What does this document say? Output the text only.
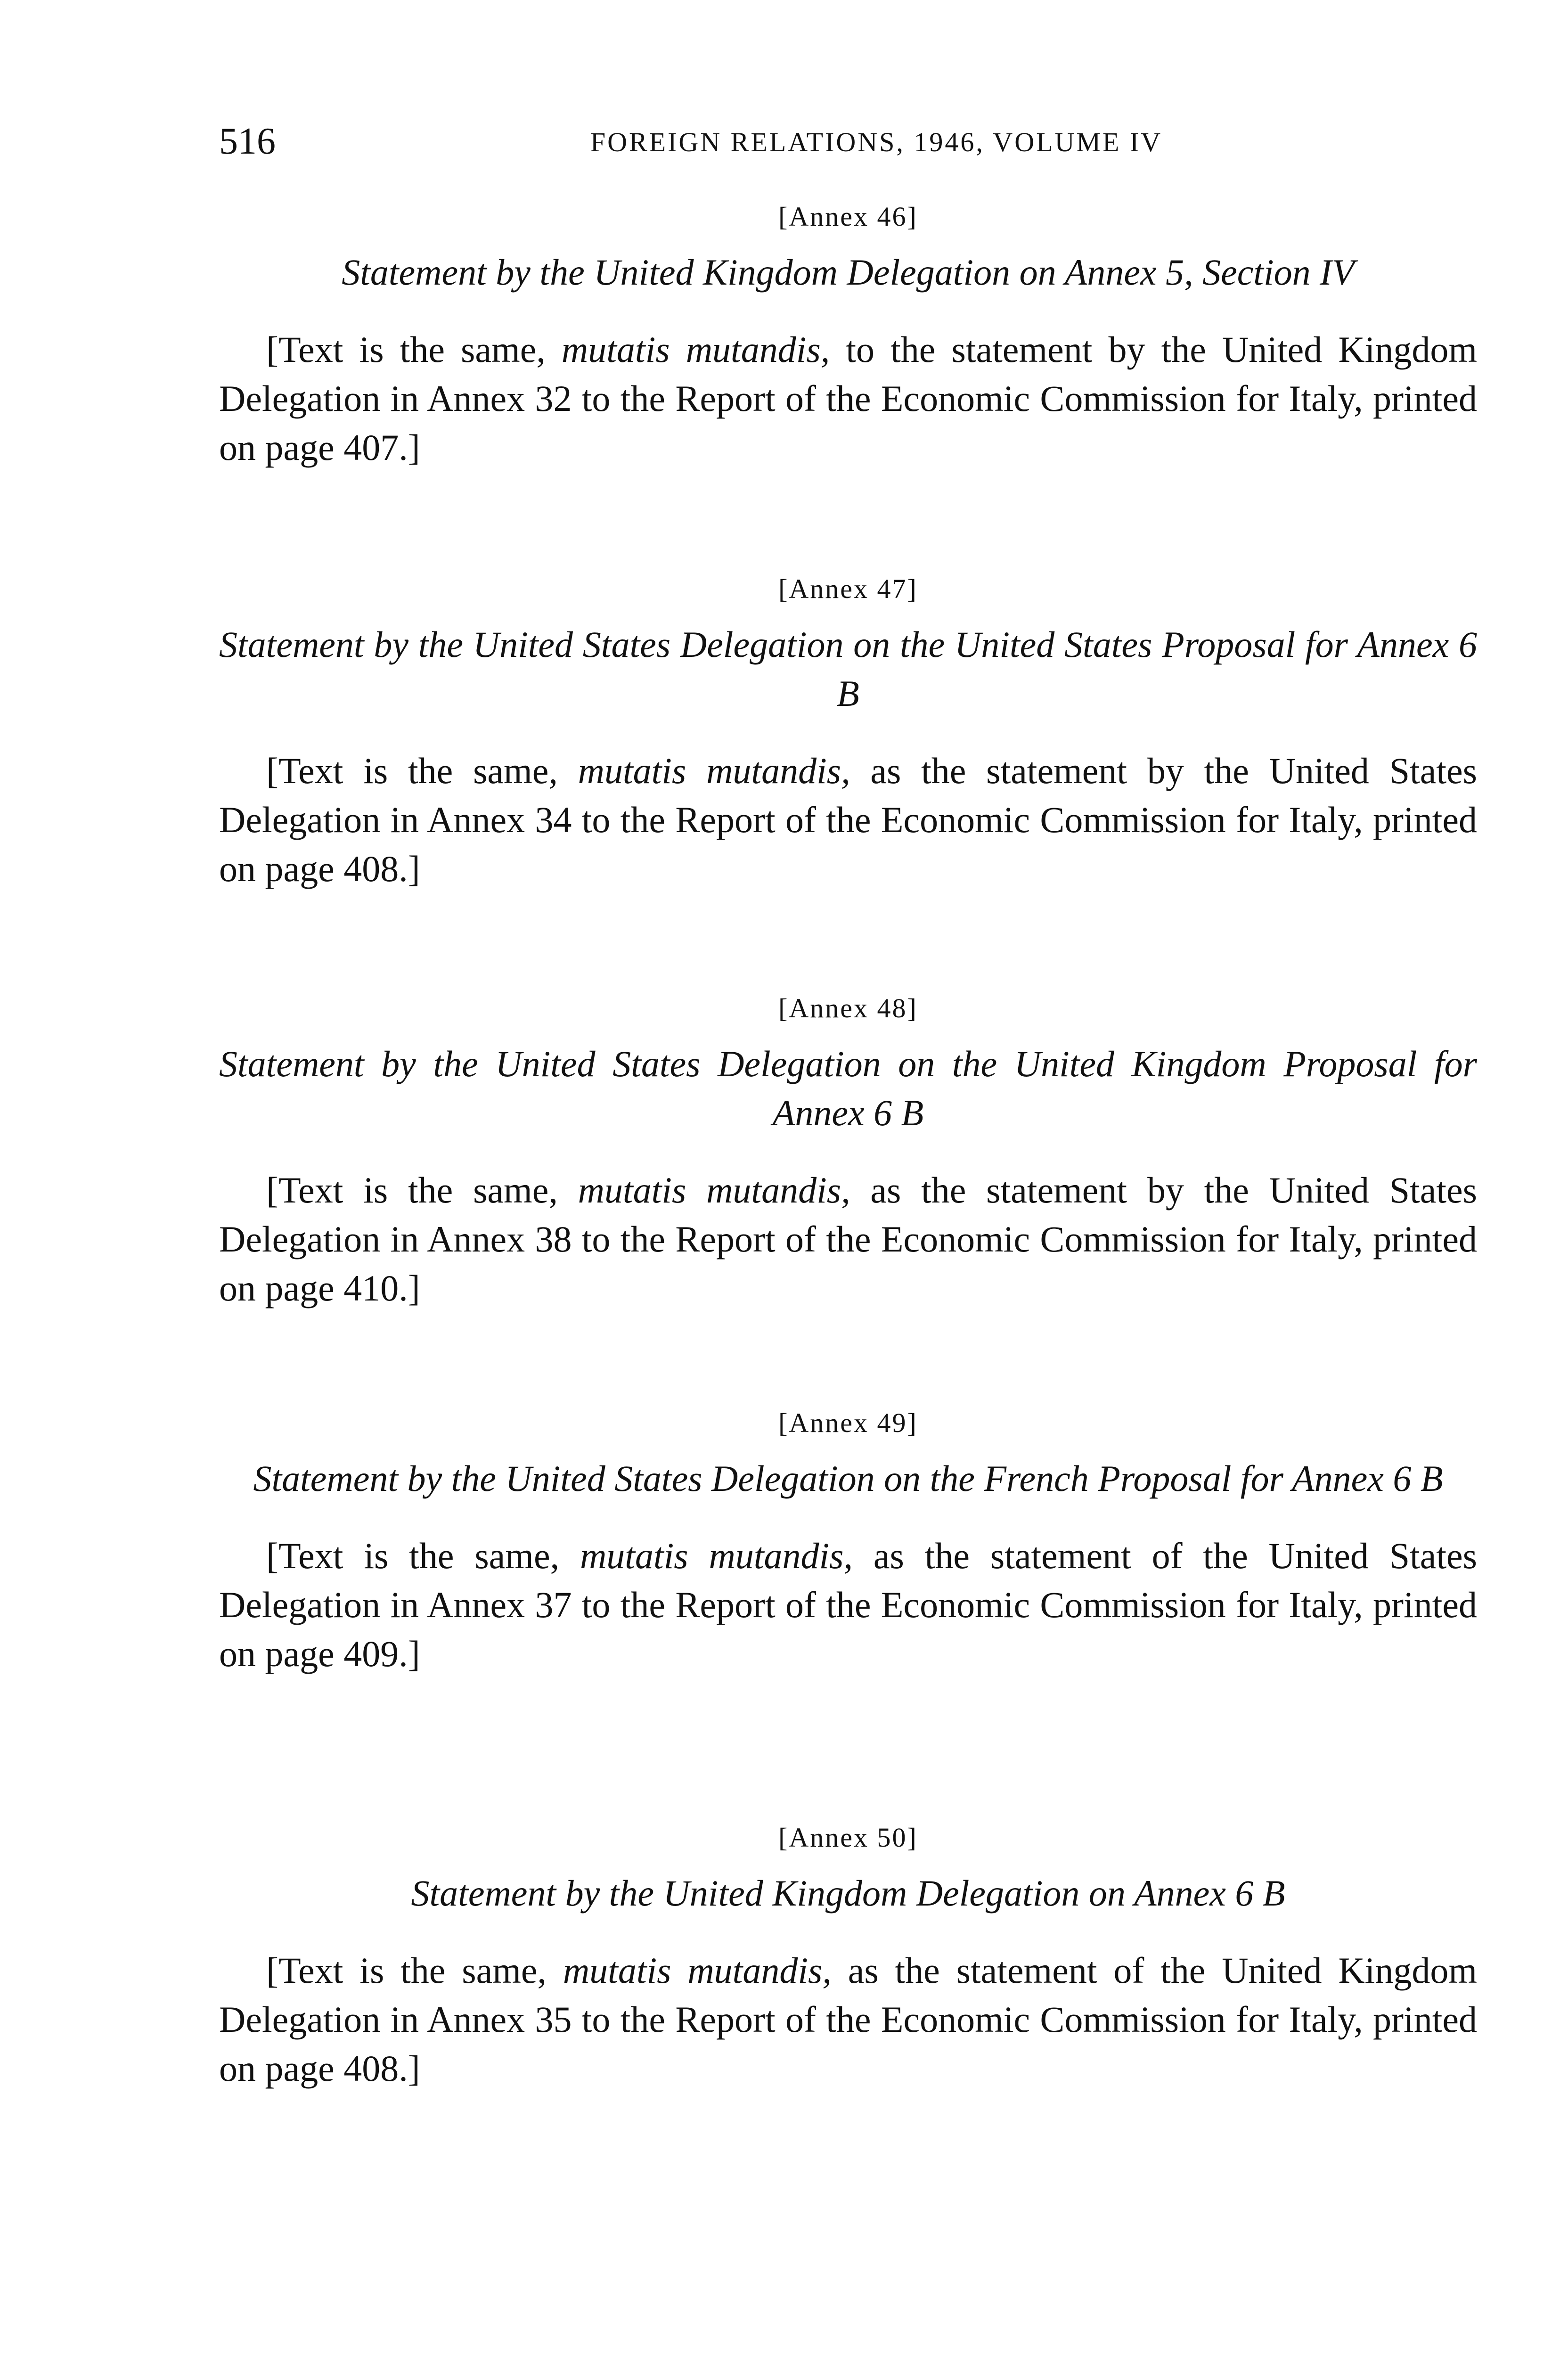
516	FOREIGN RELATIONS, 1946, VOLUME IV
[Annex 46]
Statement by the United Kingdom Delegation on Annex 5, Section IV

[Text is the same, mutatis mutandis, to the statement by the United Kingdom Delegation in Annex 32 to the Report of the Economic Commission for Italy, printed on page 407.]

[Annex 47]
Statement by the United States Delegation on the United States Proposal for Annex 6 B

[Text is the same, mutatis mutandis, as the statement by the United States Delegation in Annex 34 to the Report of the Economic Commission for Italy, printed on page 408.]

[Annex 48]
Statement by the United States Delegation on the United Kingdom Proposal for Annex 6 B

[Text is the same, mutatis mutandis, as the statement by the United States Delegation in Annex 38 to the Report of the Economic Commission for Italy, printed on page 410.]

[Annex 49]
Statement by the United States Delegation on the French Proposal for Annex 6 B

[Text is the same, mutatis mutandis, as the statement of the United States Delegation in Annex 37 to the Report of the Economic Commission for Italy, printed on page 409.]

[Annex 50]
Statement by the United Kingdom Delegation on Annex 6 B

[Text is the same, mutatis mutandis, as the statement of the United Kingdom Delegation in Annex 35 to the Report of the Economic Commission for Italy, printed on page 408.]
